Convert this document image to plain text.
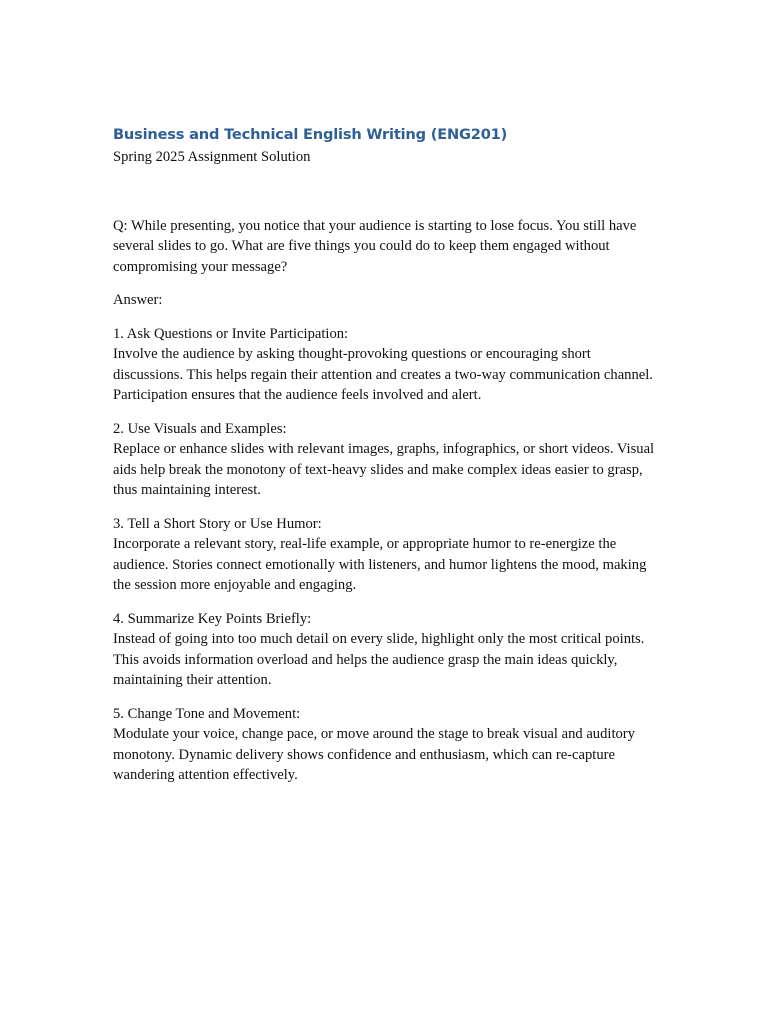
Business and Technical English Writing (ENG201)

Spring 2025 Assignment Solution

Q: While presenting, you notice that your audience is starting to lose focus. You still have several slides to go. What are five things you could do to keep them engaged without compromising your message?

Answer:

1. Ask Questions or Invite Participation:

Involve the audience by asking thought-provoking questions or encouraging short discussions. This helps regain their attention and creates a two-way communication channel. Participation ensures that the audience feels involved and alert.

2. Use Visuals and Examples:

Replace or enhance slides with relevant images, graphs, infographics, or short videos. Visual aids help break the monotony of text-heavy slides and make complex ideas easier to grasp, thus maintaining interest.

3. Tell a Short Story or Use Humor:

Incorporate a relevant story, real-life example, or appropriate humor to re-energize the audience. Stories connect emotionally with listeners, and humor lightens the mood, making the session more enjoyable and engaging.

4. Summarize Key Points Briefly:

Instead of going into too much detail on every slide, highlight only the most critical points. This avoids information overload and helps the audience grasp the main ideas quickly, maintaining their attention.

5. Change Tone and Movement:

Modulate your voice, change pace, or move around the stage to break visual and auditory monotony. Dynamic delivery shows confidence and enthusiasm, which can re-capture wandering attention effectively.
